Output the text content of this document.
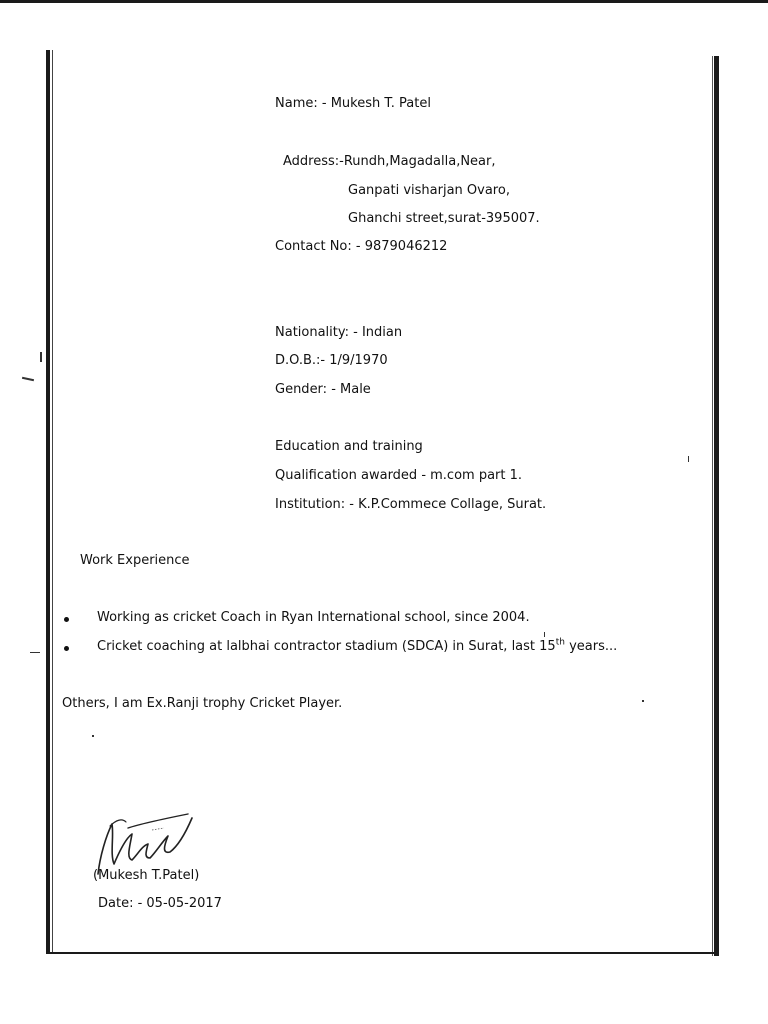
Name: - Mukesh T. Patel
Address:-Rundh,Magadalla,Near,
Ganpati visharjan Ovaro,
Ghanchi street,surat-395007.
Contact No: - 9879046212
Nationality: - Indian
D.O.B.:- 1/9/1970
Gender: - Male
Education and training
Qualification awarded - m.com part 1.
Institution: - K.P.Commece Collage, Surat.
Work Experience
Working as cricket Coach in Ryan International school, since 2004.
Cricket coaching at lalbhai contractor stadium (SDCA) in Surat, last 15th years...
Others, I am Ex.Ranji trophy Cricket Player.
(Mukesh T.Patel)
Date: - 05-05-2017
